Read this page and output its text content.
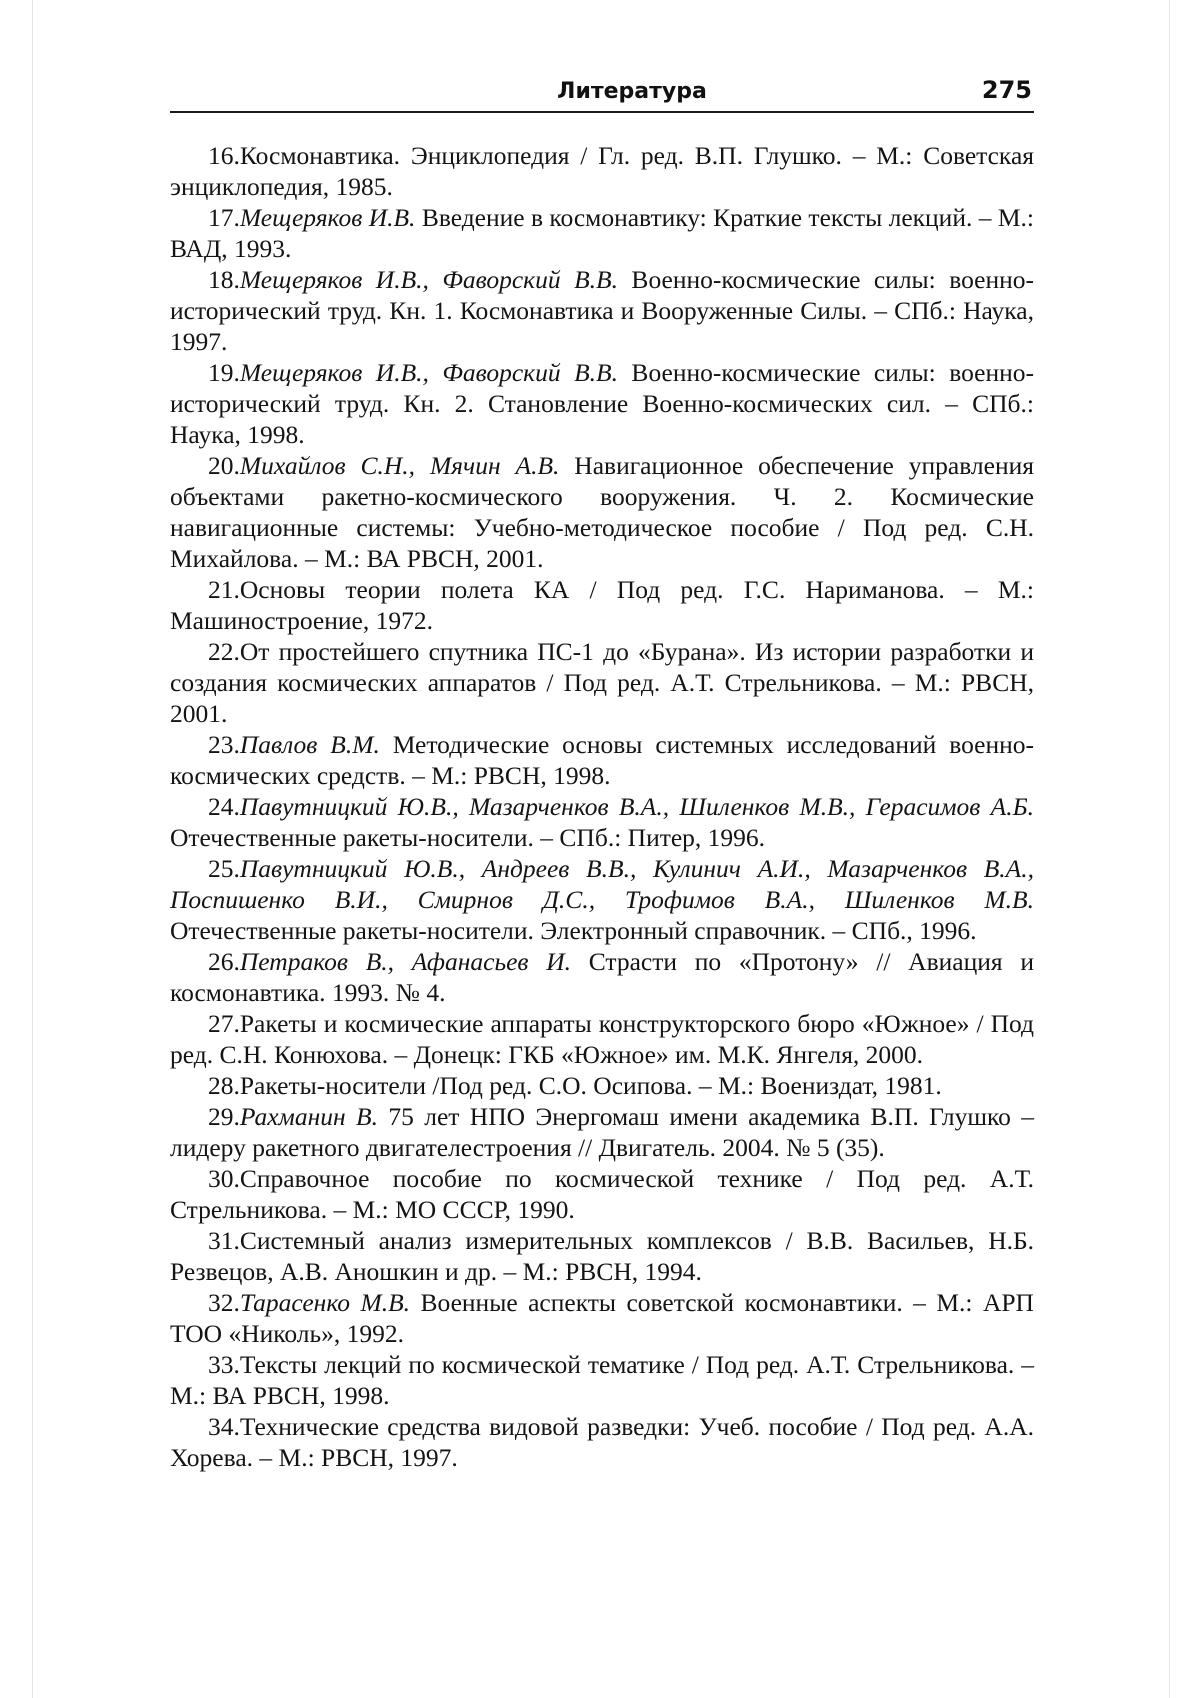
Литература	275

16.Космонавтика. Энциклопедия / Гл. ред. В.П. Глушко. – М.: Советская энциклопедия, 1985.

17.Мещеряков И.В. Введение в космонавтику: Краткие тексты лекций. – М.: ВАД, 1993.

18.Мещеряков И.В., Фаворский В.В. Военно-космические силы: военно-исторический труд. Кн. 1. Космонавтика и Вооруженные Силы. – СПб.: Наука, 1997.

19.Мещеряков И.В., Фаворский В.В. Военно-космические силы: военно-исторический труд. Кн. 2. Становление Военно-космических сил. – СПб.: Наука, 1998.

20.Михайлов С.Н., Мячин А.В. Навигационное обеспечение управления объектами ракетно-космического вооружения. Ч. 2. Космические навигационные системы: Учебно-методическое пособие / Под ред. С.Н. Михайлова. – М.: ВА РВСН, 2001.

21.Основы теории полета КА / Под ред. Г.С. Нариманова. – М.: Машиностроение, 1972.

22.От простейшего спутника ПС-1 до «Бурана». Из истории разработки и создания космических аппаратов / Под ред. А.Т. Стрельникова. – М.: РВСН, 2001.

23.Павлов В.М. Методические основы системных исследований военно-космических средств. – М.: РВСН, 1998.

24.Павутницкий Ю.В., Мазарченков В.А., Шиленков М.В., Герасимов А.Б. Отечественные ракеты-носители. – СПб.: Питер, 1996.

25.Павутницкий Ю.В., Андреев В.В., Кулинич А.И., Мазарченков В.А., Поспишенко В.И., Смирнов Д.С., Трофимов В.А., Шиленков М.В. Отечественные ракеты-носители. Электронный справочник. – СПб., 1996.

26.Петраков В., Афанасьев И. Страсти по «Протону» // Авиация и космонавтика. 1993. № 4.

27.Ракеты и космические аппараты конструкторского бюро «Южное» / Под ред. С.Н. Конюхова. – Донецк: ГКБ «Южное» им. М.К. Янгеля, 2000.

28.Ракеты-носители /Под ред. С.О. Осипова. – М.: Воениздат, 1981.

29.Рахманин В. 75 лет НПО Энергомаш имени академика В.П. Глушко – лидеру ракетного двигателестроения // Двигатель. 2004. № 5 (35).

30.Справочное пособие по космической технике / Под ред. А.Т. Стрельникова. – М.: МО СССР, 1990.

31.Системный анализ измерительных комплексов / В.В. Васильев, Н.Б. Резвецов, А.В. Аношкин и др. – М.: РВСН, 1994.

32.Тарасенко М.В. Военные аспекты советской космонавтики. – М.: АРП ТОО «Николь», 1992.

33.Тексты лекций по космической тематике / Под ред. А.Т. Стрельникова. – М.: ВА РВСН, 1998.

34.Технические средства видовой разведки: Учеб. пособие / Под ред. А.А. Хорева. – М.: РВСН, 1997.
